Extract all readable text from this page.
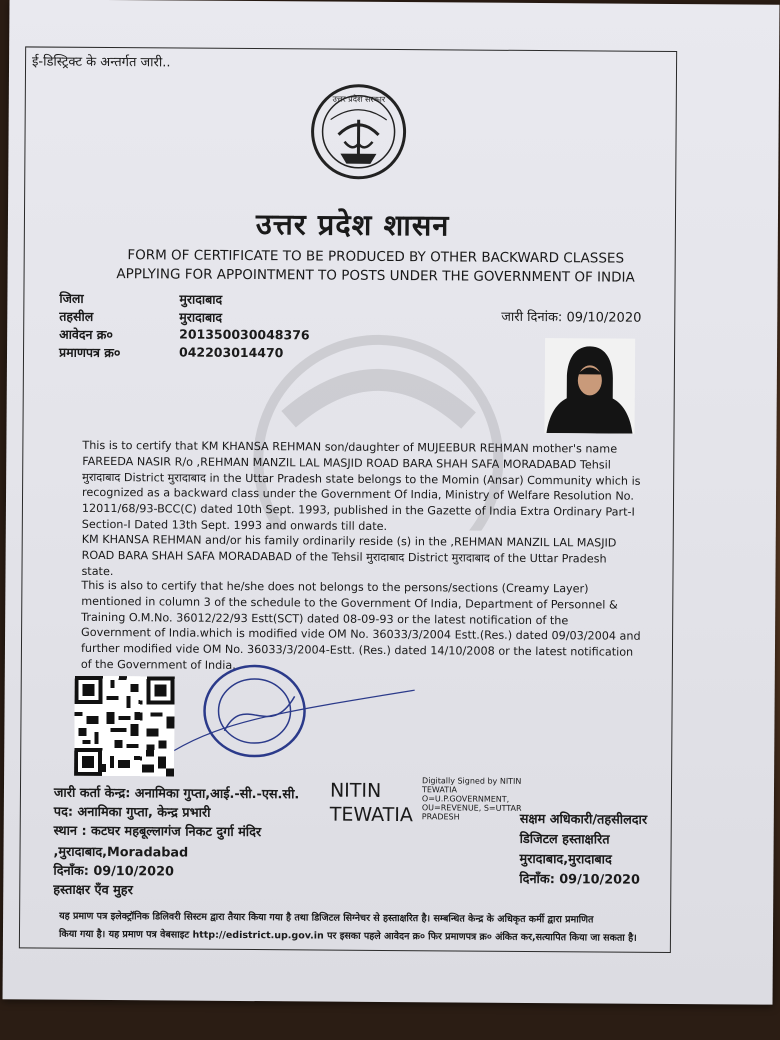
ई-डिस्ट्रिक्ट के अन्तर्गत जारी..
उत्तर प्रदेश सरकार
उत्तर प्रदेश शासन
FORM OF CERTIFICATE TO BE PRODUCED BY OTHER BACKWARD CLASSES
APPLYING FOR APPOINTMENT TO POSTS UNDER THE GOVERNMENT OF INDIA
जिला	मुरादाबाद
तहसील	मुरादाबाद
आवेदन क्र०	201350030048376
प्रमाणपत्र क्र०	042203014470
जारी दिनांक: 09/10/2020
This is to certify that KM KHANSA REHMAN son/daughter of MUJEEBUR REHMAN mother's name FAREEDA NASIR R/o ,REHMAN MANZIL LAL MASJID ROAD BARA SHAH SAFA MORADABAD Tehsil मुरादाबाद District मुरादाबाद in the Uttar Pradesh state belongs to the Momin (Ansar) Community which is recognized as a backward class under the Government Of India, Ministry of Welfare Resolution No. 12011/68/93-BCC(C) dated 10th Sept. 1993, published in the Gazette of India Extra Ordinary Part-I Section-I Dated 13th Sept. 1993 and onwards till date.
KM KHANSA REHMAN and/or his family ordinarily reside (s) in the ,REHMAN MANZIL LAL MASJID ROAD BARA SHAH SAFA MORADABAD of the Tehsil मुरादाबाद District मुरादाबाद of the Uttar Pradesh state.
This is also to certify that he/she does not belongs to the persons/sections (Creamy Layer) mentioned in column 3 of the schedule to the Government Of India, Department of Personnel & Training O.M.No. 36012/22/93 Estt(SCT) dated 08-09-93 or the latest notification of the Government of India.which is modified vide OM No. 36033/3/2004 Estt.(Res.) dated 09/03/2004 and further modified vide OM No. 36033/3/2004-Estt. (Res.) dated 14/10/2008 or the latest notification of the Government of India.
जारी कर्ता केन्द्र: अनामिका गुप्ता,आई.-सी.-एस.सी.
पद: अनामिका गुप्ता, केन्द्र प्रभारी
स्थान : कटघर महबूल्लागंज निकट दुर्गा मंदिर
,मुरादाबाद,Moradabad
दिनाँक: 09/10/2020
हस्ताक्षर एँव मुहर
NITIN
TEWATIA
Digitally Signed by NITIN TEWATIA O=U.P.GOVERNMENT, OU=REVENUE, S=UTTAR PRADESH	सक्षम अधिकारी/तहसीलदार
डिजिटल हस्ताक्षरित
मुरादाबाद,मुरादाबाद
दिनाँक: 09/10/2020
यह प्रमाण पत्र इलेक्ट्रॉनिक डिलिवरी सिस्टम द्वारा तैयार किया गया है तथा डिजिटल सिग्नेचर से हस्ताक्षरित है। सम्बन्धित केन्द्र के अधिकृत कर्मी द्वारा प्रमाणित
किया गया है। यह प्रमाण पत्र वेबसाइट http://edistrict.up.gov.in पर इसका पहले आवेदन क्र० फिर प्रमाणपत्र क्र० अंकित कर,सत्यापित किया जा सकता है।
